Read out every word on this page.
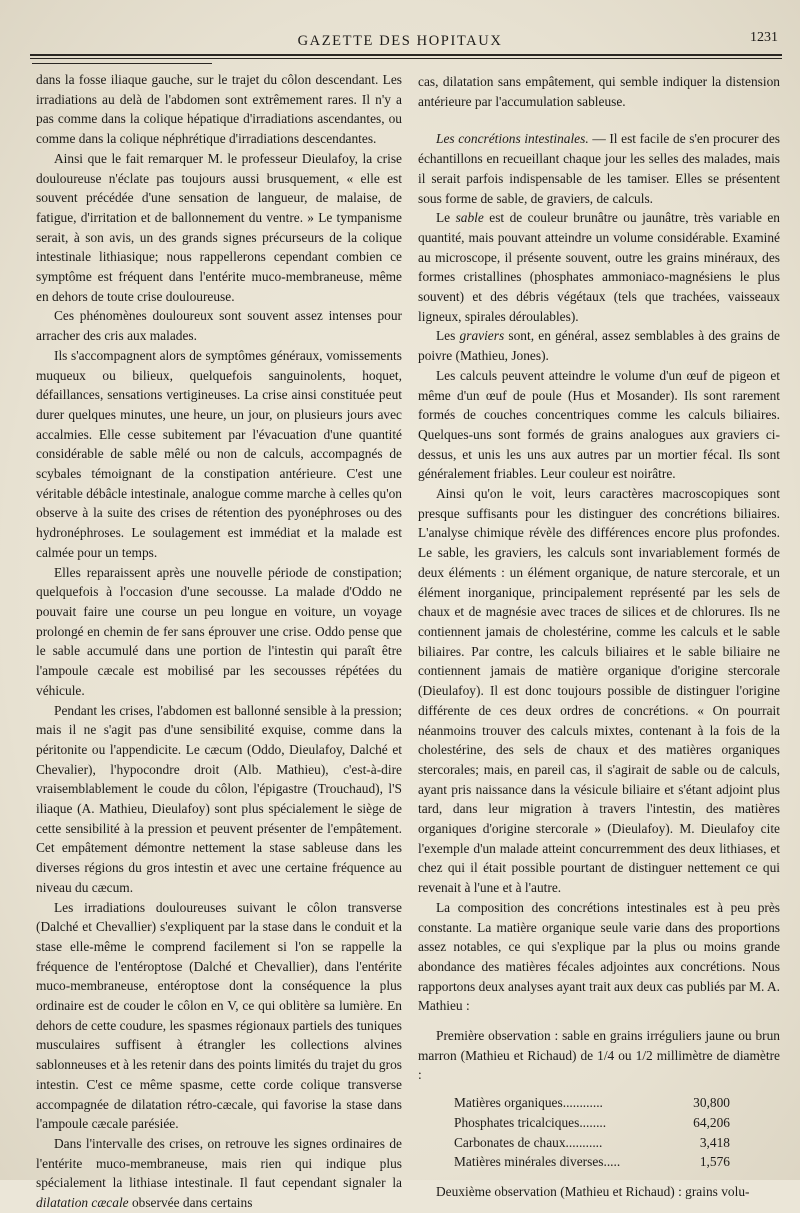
GAZETTE DES HOPITAUX	1231

dans la fosse iliaque gauche, sur le trajet du côlon descendant. Les irradiations au delà de l'abdomen sont extrêmement rares. Il n'y a pas comme dans la colique hépatique d'irradiations ascendantes, ou comme dans la colique néphrétique d'irradiations descendantes.

Ainsi que le fait remarquer M. le professeur Dieulafoy, la crise douloureuse n'éclate pas toujours aussi brusquement, « elle est souvent précédée d'une sensation de langueur, de malaise, de fatigue, d'irritation et de ballonnement du ventre. » Le tympanisme serait, à son avis, un des grands signes précurseurs de la colique intestinale lithiasique; nous rappellerons cependant combien ce symptôme est fréquent dans l'entérite muco-membraneuse, même en dehors de toute crise douloureuse.

Ces phénomènes douloureux sont souvent assez intenses pour arracher des cris aux malades.

Ils s'accompagnent alors de symptômes généraux, vomissements muqueux ou bilieux, quelquefois sanguinolents, hoquet, défaillances, sensations vertigineuses. La crise ainsi constituée peut durer quelques minutes, une heure, un jour, on plusieurs jours avec accalmies. Elle cesse subitement par l'évacuation d'une quantité considérable de sable mêlé ou non de calculs, accompagnés de scybales témoignant de la constipation antérieure. C'est une véritable débâcle intestinale, analogue comme marche à celles qu'on observe à la suite des crises de rétention des pyonéphroses ou des hydronéphroses. Le soulagement est immédiat et la malade est calmée pour un temps.

Elles reparaissent après une nouvelle période de constipation; quelquefois à l'occasion d'une secousse. La malade d'Oddo ne pouvait faire une course un peu longue en voiture, un voyage prolongé en chemin de fer sans éprouver une crise. Oddo pense que le sable accumulé dans une portion de l'intestin qui paraît être l'ampoule cæcale est mobilisé par les secousses répétées du véhicule.

Pendant les crises, l'abdomen est ballonné sensible à la pression; mais il ne s'agit pas d'une sensibilité exquise, comme dans la péritonite ou l'appendicite. Le cæcum (Oddo, Dieulafoy, Dalché et Chevalier), l'hypocondre droit (Alb. Mathieu), c'est-à-dire vraisemblablement le coude du côlon, l'épigastre (Trouchaud), l'S iliaque (A. Mathieu, Dieulafoy) sont plus spécialement le siège de cette sensibilité à la pression et peuvent présenter de l'empâtement. Cet empâtement démontre nettement la stase sableuse dans les diverses régions du gros intestin et avec une certaine fréquence au niveau du cæcum.

Les irradiations douloureuses suivant le côlon transverse (Dalché et Chevallier) s'expliquent par la stase dans le conduit et la stase elle-même le comprend facilement si l'on se rappelle la fréquence de l'entéroptose (Dalché et Chevallier), dans l'entérite muco-membraneuse, entéroptose dont la conséquence la plus ordinaire est de couder le côlon en V, ce qui oblitère sa lumière. En dehors de cette coudure, les spasmes régionaux partiels des tuniques musculaires suffisent à étrangler les collections alvines sablonneuses et à les retenir dans des points limités du trajet du gros intestin. C'est ce même spasme, cette corde colique transverse accompagnée de dilatation rétro-cæcale, qui favorise la stase dans l'ampoule cæcale parésiée.

Dans l'intervalle des crises, on retrouve les signes ordinaires de l'entérite muco-membraneuse, mais rien qui indique plus spécialement la lithiase intestinale. Il faut cependant signaler la dilatation cæcale observée dans certains

cas, dilatation sans empâtement, qui semble indiquer la distension antérieure par l'accumulation sableuse.

Les concrétions intestinales. — Il est facile de s'en procurer des échantillons en recueillant chaque jour les selles des malades, mais il serait parfois indispensable de les tamiser. Elles se présentent sous forme de sable, de graviers, de calculs.

Le sable est de couleur brunâtre ou jaunâtre, très variable en quantité, mais pouvant atteindre un volume considérable. Examiné au microscope, il présente souvent, outre les grains minéraux, des formes cristallines (phosphates ammoniaco-magnésiens le plus souvent) et des débris végétaux (tels que trachées, vaisseaux ligneux, spirales déroulables).

Les graviers sont, en général, assez semblables à des grains de poivre (Mathieu, Jones).

Les calculs peuvent atteindre le volume d'un œuf de pigeon et même d'un œuf de poule (Hus et Mosander). Ils sont rarement formés de couches concentriques comme les calculs biliaires. Quelques-uns sont formés de grains analogues aux graviers ci-dessus, et unis les uns aux autres par un mortier fécal. Ils sont généralement friables. Leur couleur est noirâtre.

Ainsi qu'on le voit, leurs caractères macroscopiques sont presque suffisants pour les distinguer des concrétions biliaires. L'analyse chimique révèle des différences encore plus profondes. Le sable, les graviers, les calculs sont invariablement formés de deux éléments : un élément organique, de nature stercorale, et un élément inorganique, principalement représenté par les sels de chaux et de magnésie avec traces de silices et de chlorures. Ils ne contiennent jamais de cholestérine, comme les calculs et le sable biliaires. Par contre, les calculs biliaires et le sable biliaire ne contiennent jamais de matière organique d'origine stercorale (Dieulafoy). Il est donc toujours possible de distinguer l'origine différente de ces deux ordres de concrétions. « On pourrait néanmoins trouver des calculs mixtes, contenant à la fois de la cholestérine, des sels de chaux et des matières organiques stercorales; mais, en pareil cas, il s'agirait de sable ou de calculs, ayant pris naissance dans la vésicule biliaire et s'étant adjoint plus tard, dans leur migration à travers l'intestin, des matières organiques d'origine stercorale » (Dieulafoy). M. Dieulafoy cite l'exemple d'un malade atteint concurremment des deux lithiases, et chez qui il était possible pourtant de distinguer nettement ce qui revenait à l'une et à l'autre.

La composition des concrétions intestinales est à peu près constante. La matière organique seule varie dans des proportions assez notables, ce qui s'explique par la plus ou moins grande abondance des matières fécales adjointes aux concrétions. Nous rapportons deux analyses ayant trait aux deux cas publiés par M. A. Mathieu :

Première observation : sable en grains irréguliers jaune ou brun marron (Mathieu et Richaud) de 1/4 ou 1/2 millimètre de diamètre :

Matières organiques............	30,800
Phosphates tricalciques........	64,206
Carbonates de chaux...........	3,418
Matières minérales diverses.....	1,576

Deuxième observation (Mathieu et Richaud) : grains volu-
